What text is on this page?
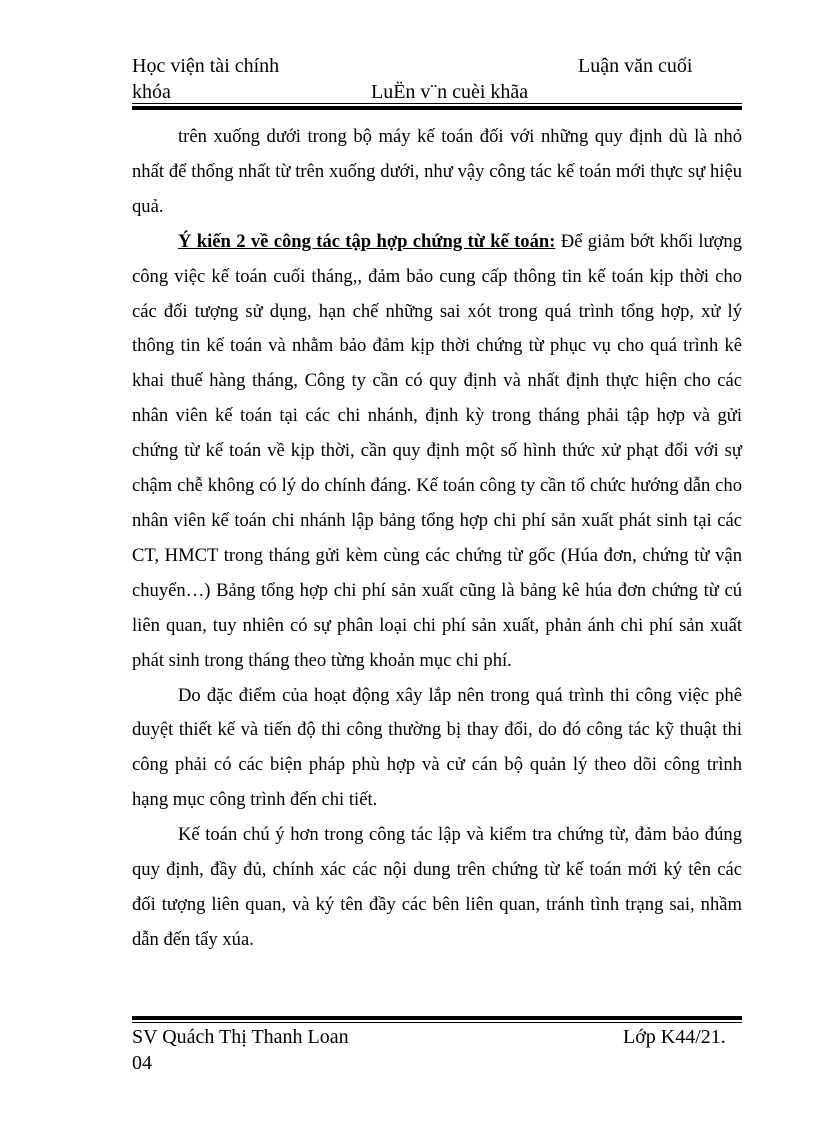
Học viện tài chính	Luận văn cuối
khóa	LuËn v¨n cuèi khãa

trên xuống dưới trong bộ máy kế toán đối với những quy định dù là nhỏ nhất để thống nhất từ trên xuống dưới, như vậy công tác kế toán mới thực sự hiệu quả.

Ý kiến 2 về công tác tập hợp chứng từ kế toán: Để giảm bớt khối lượng công việc kế toán cuối tháng,, đảm bảo cung cấp thông tin kế toán kịp thời cho các đối tượng sử dụng, hạn chế những sai xót trong quá trình tổng hợp, xử lý thông tin kế toán và nhằm bảo đảm kịp thời chứng từ phục vụ cho quá trình kê khai thuế hàng tháng, Công ty cần có quy định và nhất định thực hiện cho các nhân viên kế toán tại các chi nhánh, định kỳ trong tháng phải tập hợp và gửi chứng từ kế toán về kịp thời, cần quy định một số hình thức xử phạt đối với sự chậm chễ không có lý do chính đáng. Kế toán công ty cần tổ chức hướng dẫn cho nhân viên kế toán chi nhánh lập bảng tổng hợp chi phí sản xuất phát sinh tại các CT, HMCT trong tháng gửi kèm cùng các chứng từ gốc (Húa đơn, chứng từ vận chuyển…) Bảng tổng hợp chi phí sản xuất cũng là bảng kê húa đơn chứng từ cú liên quan, tuy nhiên có sự phân loại chi phí sản xuất, phản ánh chi phí sản xuất phát sinh trong tháng theo từng khoản mục chi phí.

Do đặc điểm của hoạt động xây lắp nên trong quá trình thi công việc phê duyệt thiết kế và tiến độ thi công thường bị thay đổi, do đó công tác kỹ thuật thi công phải có các biện pháp phù hợp và cử cán bộ quản lý theo dõi công trình hạng mục công trình đến chi tiết.

Kế toán chú ý hơn trong công tác lập và kiểm tra chứng từ, đảm bảo đúng quy định, đầy đủ, chính xác các nội dung trên chứng từ kế toán mới ký tên các đối tượng liên quan, và ký tên đầy các bên liên quan, tránh tình trạng sai, nhầm dẫn đến tẩy xúa.

SV Quách Thị Thanh Loan	Lớp K44/21.
04
